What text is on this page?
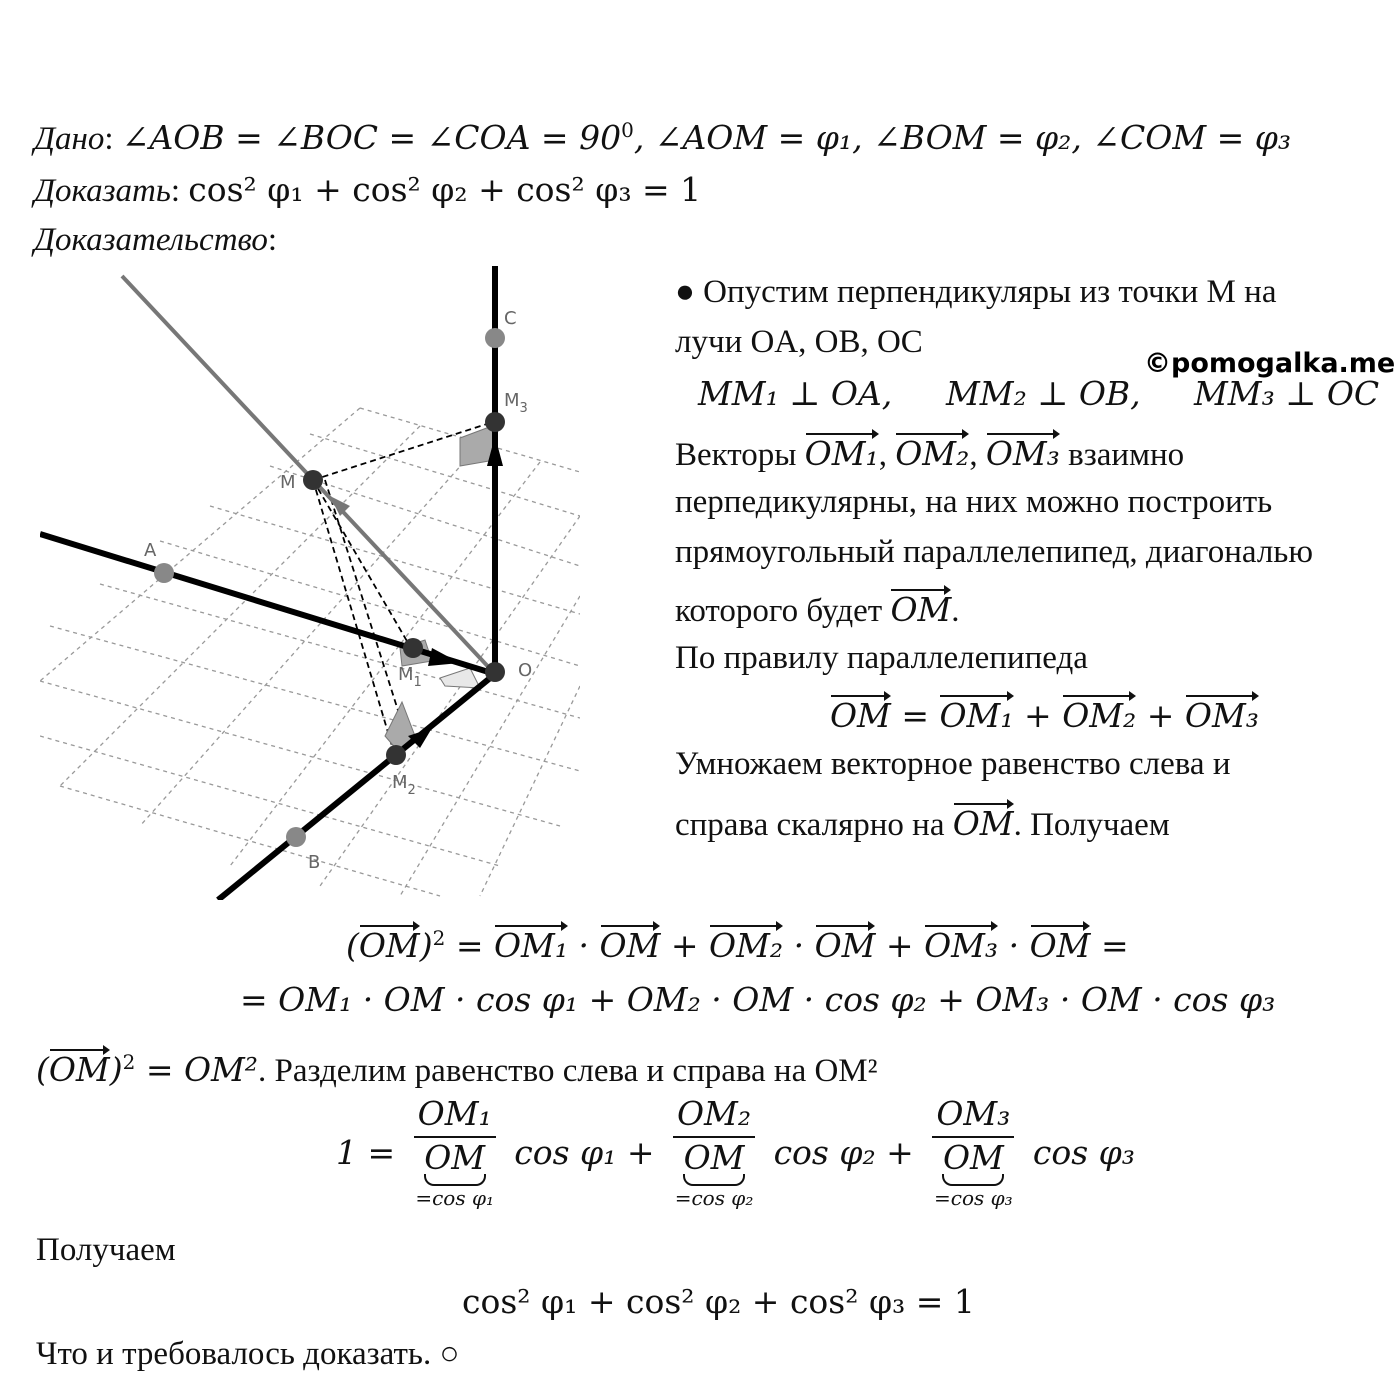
Дано: ∠AOB = ∠BOC = ∠COA = $90^0$, ∠AOM = φ₁, ∠BOM = φ₂, ∠COM = φ₃
Доказать: cos² φ₁ + cos² φ₂ + cos² φ₃ = 1
Доказательство:
C
$M_3$
M
A
$M_1$
O
$M_2$
B
● Опустим перпендикуляры из точки M на
лучи OA, OB, OC
©pomogalka.me
MM₁ ⊥ OA, MM₂ ⊥ OB, MM₃ ⊥ OC
Векторы OM₁, OM₂, OM₃ взаимно
перпедикулярны, на них можно построить
прямоугольный параллелепипед, диагональю
которого будет OM.
По правилу параллелепипеда
OM = OM₁ + OM₂ + OM₃
Умножаем векторное равенство слева и
справа скалярно на OM. Получаем
(OM)$^2$ = OM₁ · OM + OM₂ · OM + OM₃ · OM =
= OM₁ · OM · cos φ₁ + OM₂ · OM · cos φ₂ + OM₃ · OM · cos φ₃
(OM)$^2$ = OM². Разделим равенство слева и справа на OM²
1 =
OM₁
OM
=cos φ₁
cos φ₁ +
OM₂
OM
=cos φ₂
cos φ₂ +
OM₃
OM
=cos φ₃
cos φ₃
Получаем
cos² φ₁ + cos² φ₂ + cos² φ₃ = 1
Что и требовалось доказать. ○
